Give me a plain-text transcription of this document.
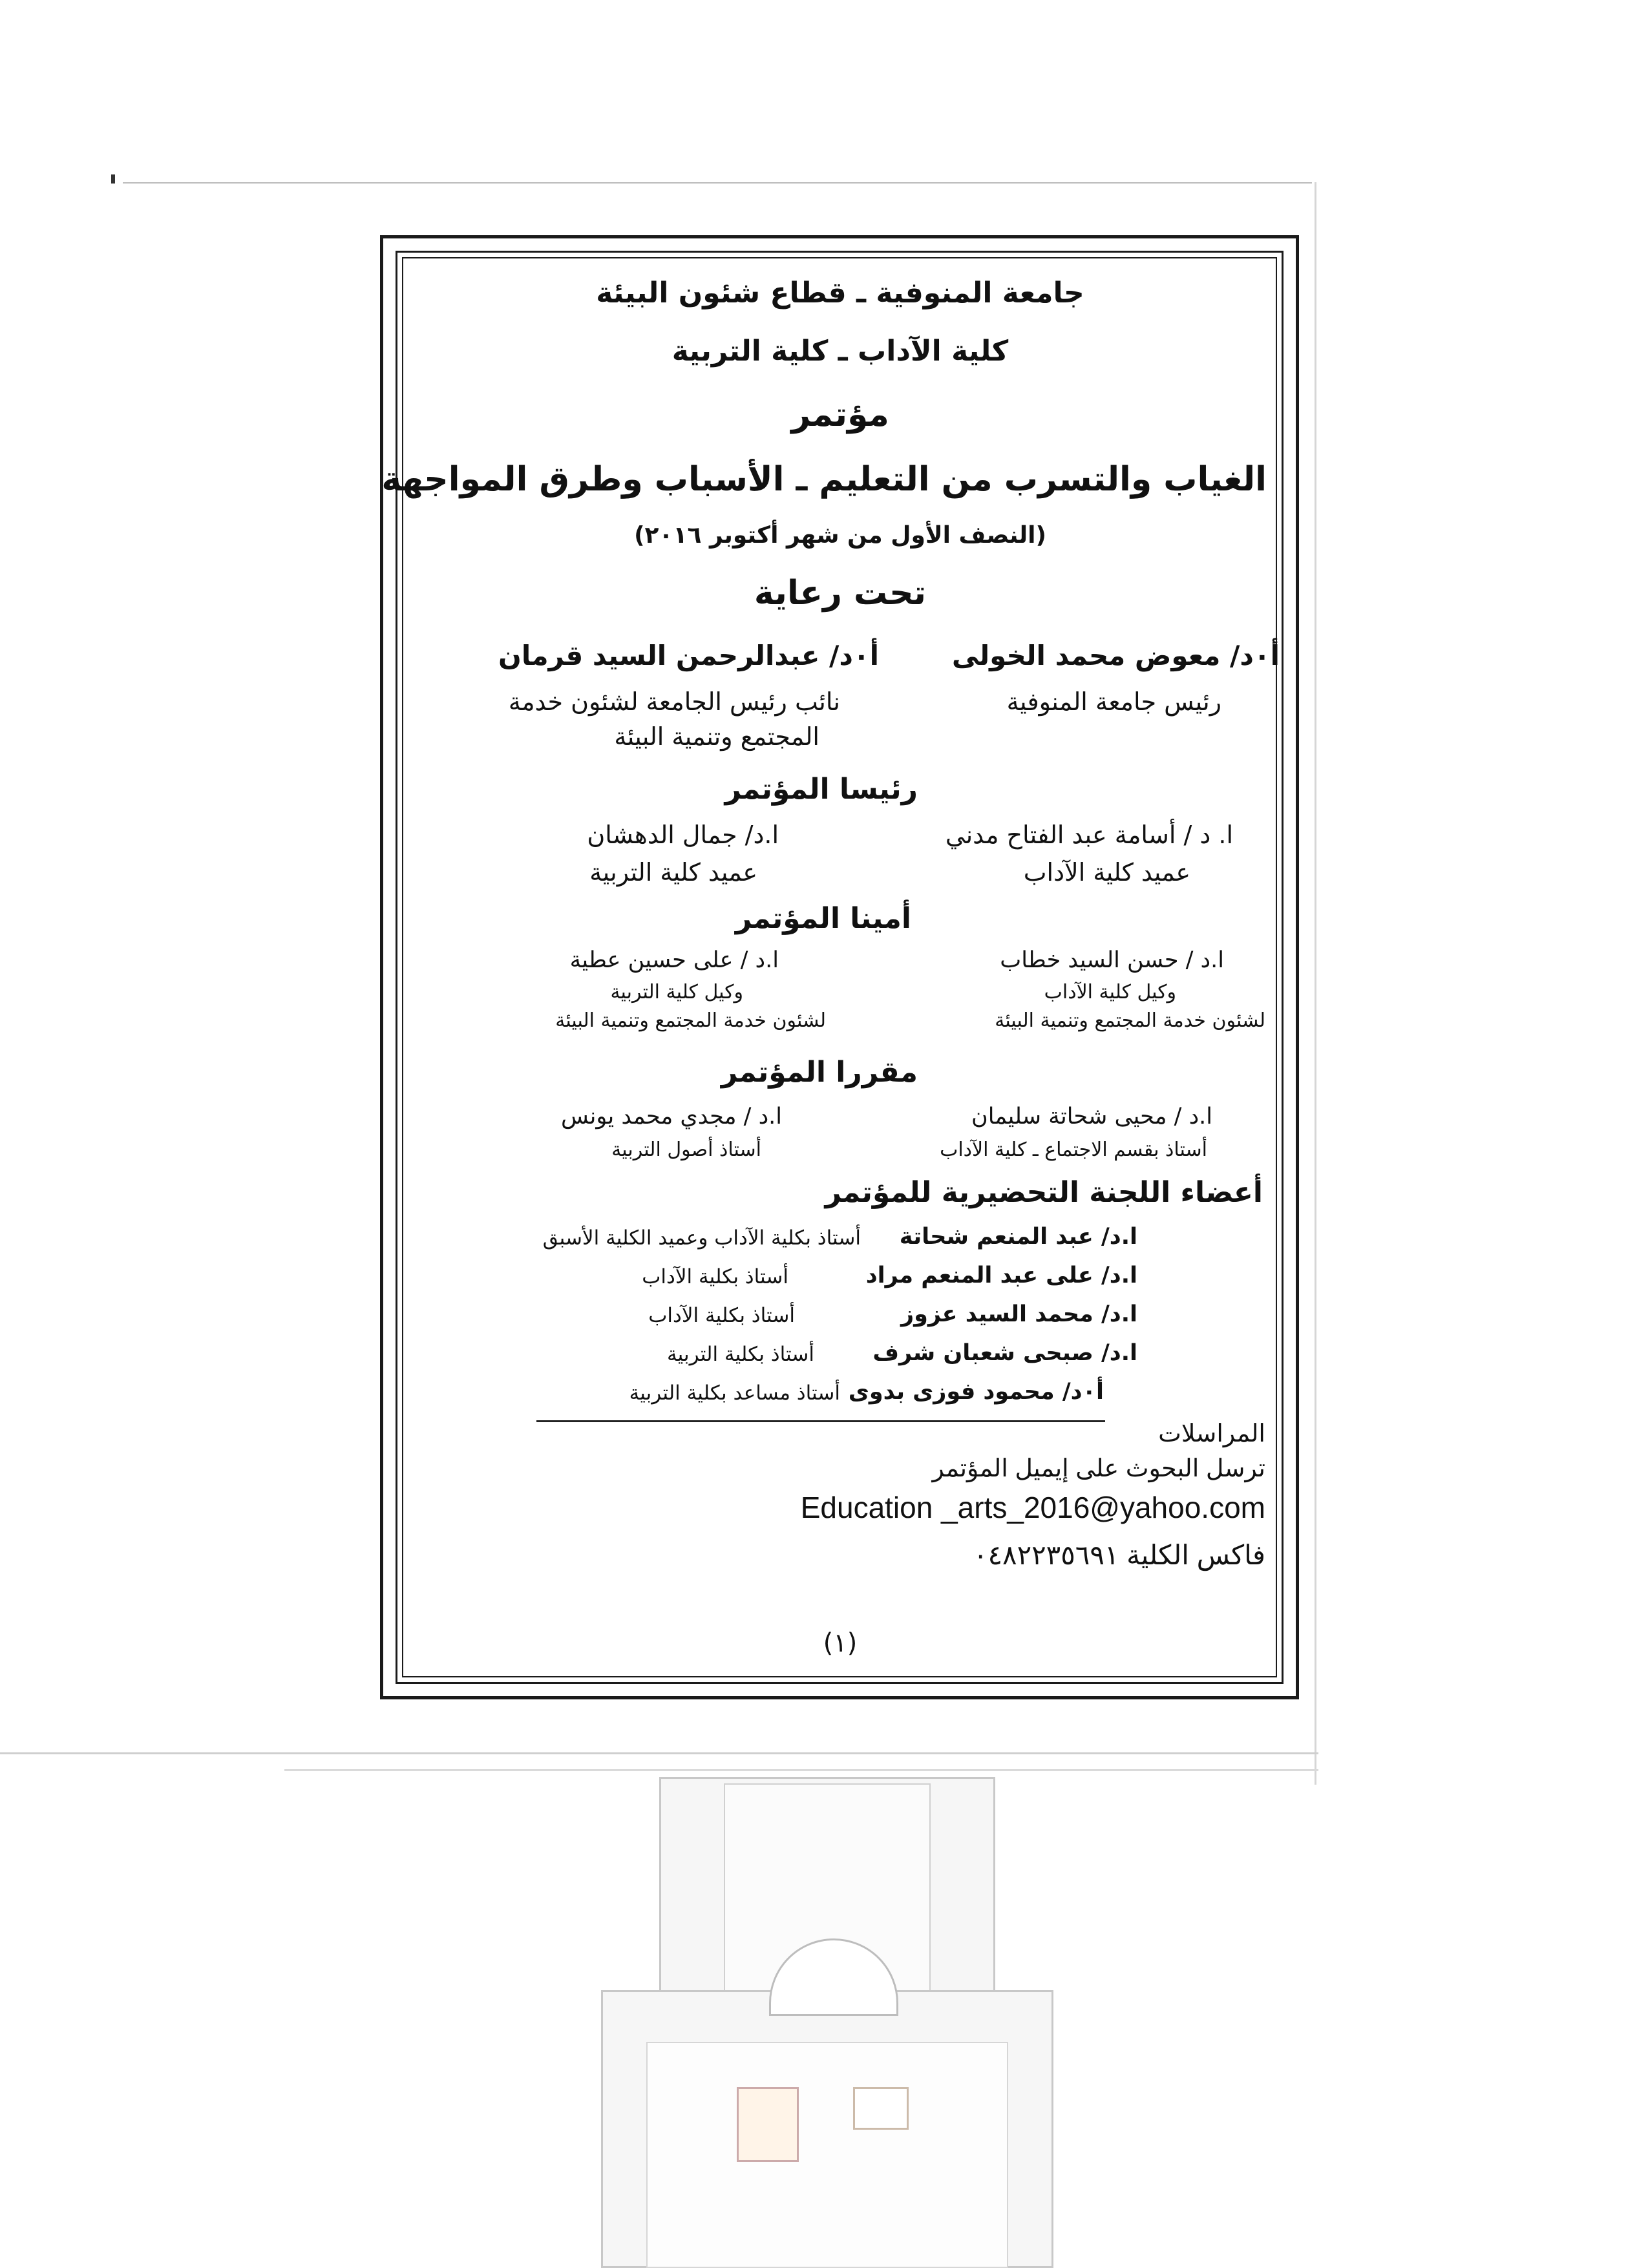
جامعة المنوفية ـ قطاع شئون البيئة
كلية الآداب ـ كلية التربية
مؤتمر
الغياب والتسرب من التعليم ـ الأسباب وطرق المواجهة
(النصف الأول من شهر أكتوبر ٢٠١٦)
تحت رعاية
أ٠د/ معوض محمد الخولى
رئيس جامعة المنوفية
أ٠د/ عبدالرحمن السيد قرمان
نائب رئيس الجامعة لشئون خدمة
المجتمع وتنمية البيئة
رئيسا المؤتمر
ا. د / أسامة عبد الفتاح مدني
عميد كلية الآداب
ا.د/ جمال الدهشان
عميد كلية التربية
أمينا المؤتمر
ا.د / حسن السيد خطاب
وكيل كلية الآداب
لشئون خدمة المجتمع وتنمية البيئة
ا.د / على حسين عطية
وكيل كلية التربية
لشئون خدمة المجتمع وتنمية البيئة
مقررا المؤتمر
ا.د / محيى شحاتة سليمان
أستاذ بقسم الاجتماع ـ كلية الآداب
ا.د / مجدي محمد يونس
أستاذ أصول التربية
أعضاء اللجنة التحضيرية للمؤتمر
ا.د/ عبد المنعم شحاتة
أستاذ بكلية الآداب وعميد الكلية الأسبق
ا.د/ على عبد المنعم مراد
أستاذ بكلية الآداب
ا.د/ محمد السيد عزوز
أستاذ بكلية الآداب
ا.د/ صبحى شعبان شرف
أستاذ بكلية التربية
أ٠د/ محمود فوزى بدوى
أستاذ مساعد بكلية التربية
المراسلات
ترسل البحوث على إيميل المؤتمر
Education _arts_2016@yahoo.com
فاكس الكلية ٠٤٨٢٢٣٥٦٩١
(١)
